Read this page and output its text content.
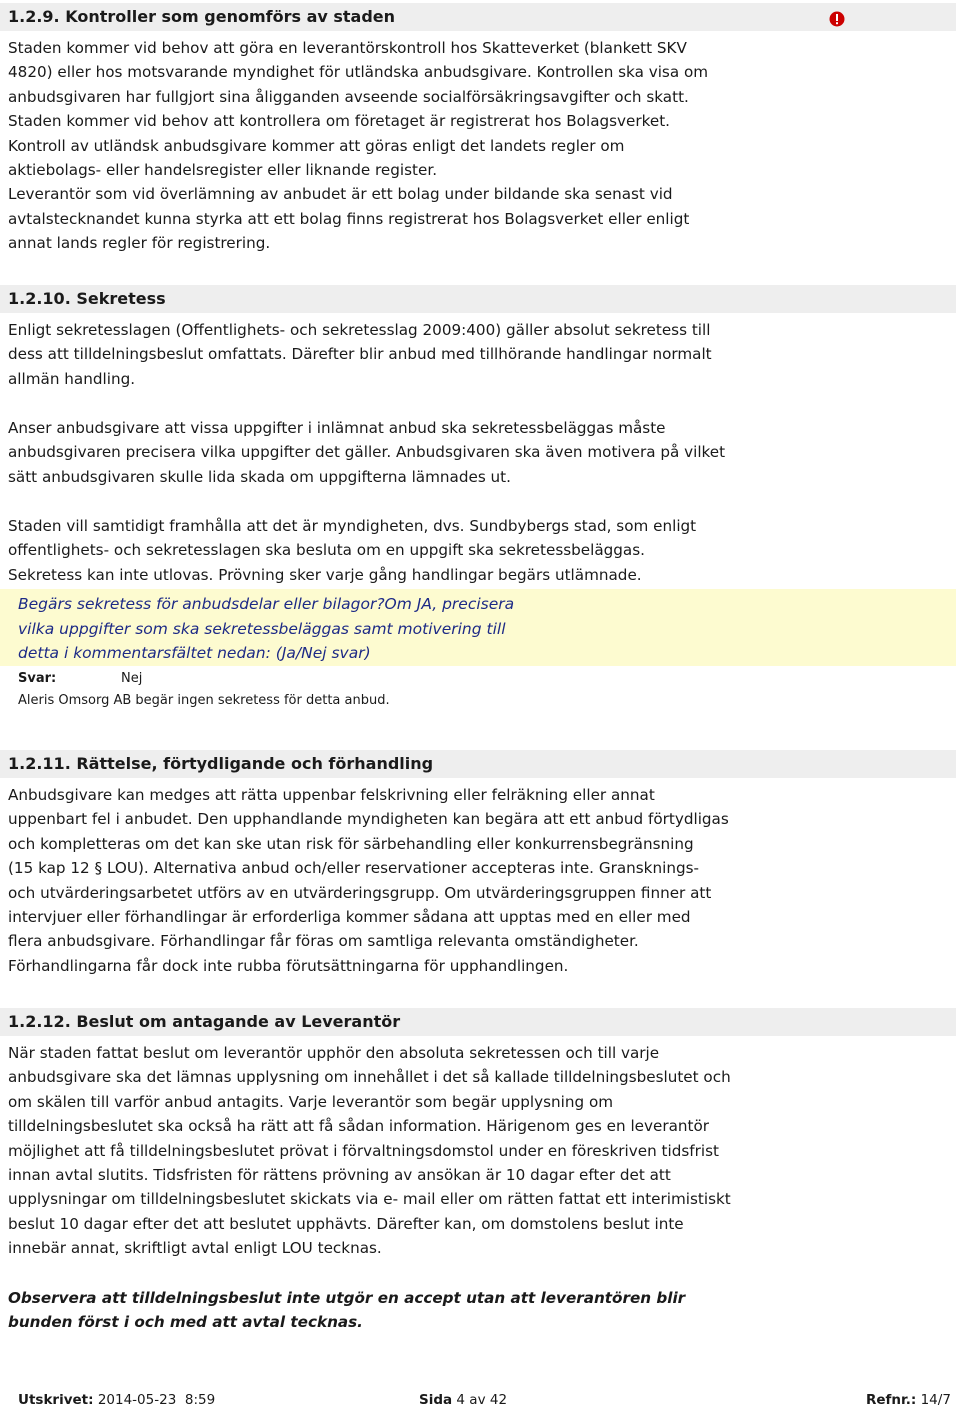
1.2.9. Kontroller som genomförs av staden
Staden kommer vid behov att göra en leverantörskontroll hos Skatteverket (blankett SKV
4820) eller hos motsvarande myndighet för utländska anbudsgivare. Kontrollen ska visa om
anbudsgivaren har fullgjort sina åligganden avseende socialförsäkringsavgifter och skatt.
Staden kommer vid behov att kontrollera om företaget är registrerat hos Bolagsverket.
Kontroll av utländsk anbudsgivare kommer att göras enligt det landets regler om
aktiebolags- eller handelsregister eller liknande register.
Leverantör som vid överlämning av anbudet är ett bolag under bildande ska senast vid
avtalstecknandet kunna styrka att ett bolag finns registrerat hos Bolagsverket eller enligt
annat lands regler för registrering.
1.2.10. Sekretess
Enligt sekretesslagen (Offentlighets- och sekretesslag 2009:400) gäller absolut sekretess till
dess att tilldelningsbeslut omfattats. Därefter blir anbud med tillhörande handlingar normalt
allmän handling.
Anser anbudsgivare att vissa uppgifter i inlämnat anbud ska sekretessbeläggas måste
anbudsgivaren precisera vilka uppgifter det gäller. Anbudsgivaren ska även motivera på vilket
sätt anbudsgivaren skulle lida skada om uppgifterna lämnades ut.
Staden vill samtidigt framhålla att det är myndigheten, dvs. Sundbybergs stad, som enligt
offentlighets- och sekretesslagen ska besluta om en uppgift ska sekretessbeläggas.
Sekretess kan inte utlovas. Prövning sker varje gång handlingar begärs utlämnade.
Begärs sekretess för anbudsdelar eller bilagor?Om JA, precisera
vilka uppgifter som ska sekretessbeläggas samt motivering till
detta i kommentarsfältet nedan: (Ja/Nej svar)
Svar:	Nej
Aleris Omsorg AB begär ingen sekretess för detta anbud.
1.2.11. Rättelse, förtydligande och förhandling
Anbudsgivare kan medges att rätta uppenbar felskrivning eller felräkning eller annat
uppenbart fel i anbudet. Den upphandlande myndigheten kan begära att ett anbud förtydligas
och kompletteras om det kan ske utan risk för särbehandling eller konkurrensbegränsning
(15 kap 12 § LOU). Alternativa anbud och/eller reservationer accepteras inte. Gransknings-
och utvärderingsarbetet utförs av en utvärderingsgrupp. Om utvärderingsgruppen finner att
intervjuer eller förhandlingar är erforderliga kommer sådana att upptas med en eller med
flera anbudsgivare. Förhandlingar får föras om samtliga relevanta omständigheter.
Förhandlingarna får dock inte rubba förutsättningarna för upphandlingen.
1.2.12. Beslut om antagande av Leverantör
När staden fattat beslut om leverantör upphör den absoluta sekretessen och till varje
anbudsgivare ska det lämnas upplysning om innehållet i det så kallade tilldelningsbeslutet och
om skälen till varför anbud antagits. Varje leverantör som begär upplysning om
tilldelningsbeslutet ska också ha rätt att få sådan information. Härigenom ges en leverantör
möjlighet att få tilldelningsbeslutet prövat i förvaltningsdomstol under en föreskriven tidsfrist
innan avtal slutits. Tidsfristen för rättens prövning av ansökan är 10 dagar efter det att
upplysningar om tilldelningsbeslutet skickats via e- mail eller om rätten fattat ett interimistiskt
beslut 10 dagar efter det att beslutet upphävts. Därefter kan, om domstolens beslut inte
innebär annat, skriftligt avtal enligt LOU tecknas.
Observera att tilldelningsbeslut inte utgör en accept utan att leverantören blir
bunden först i och med att avtal tecknas.
Utskrivet: 2014-05-23  8:59	Sida 4 av 42	Refnr.: 14/7
